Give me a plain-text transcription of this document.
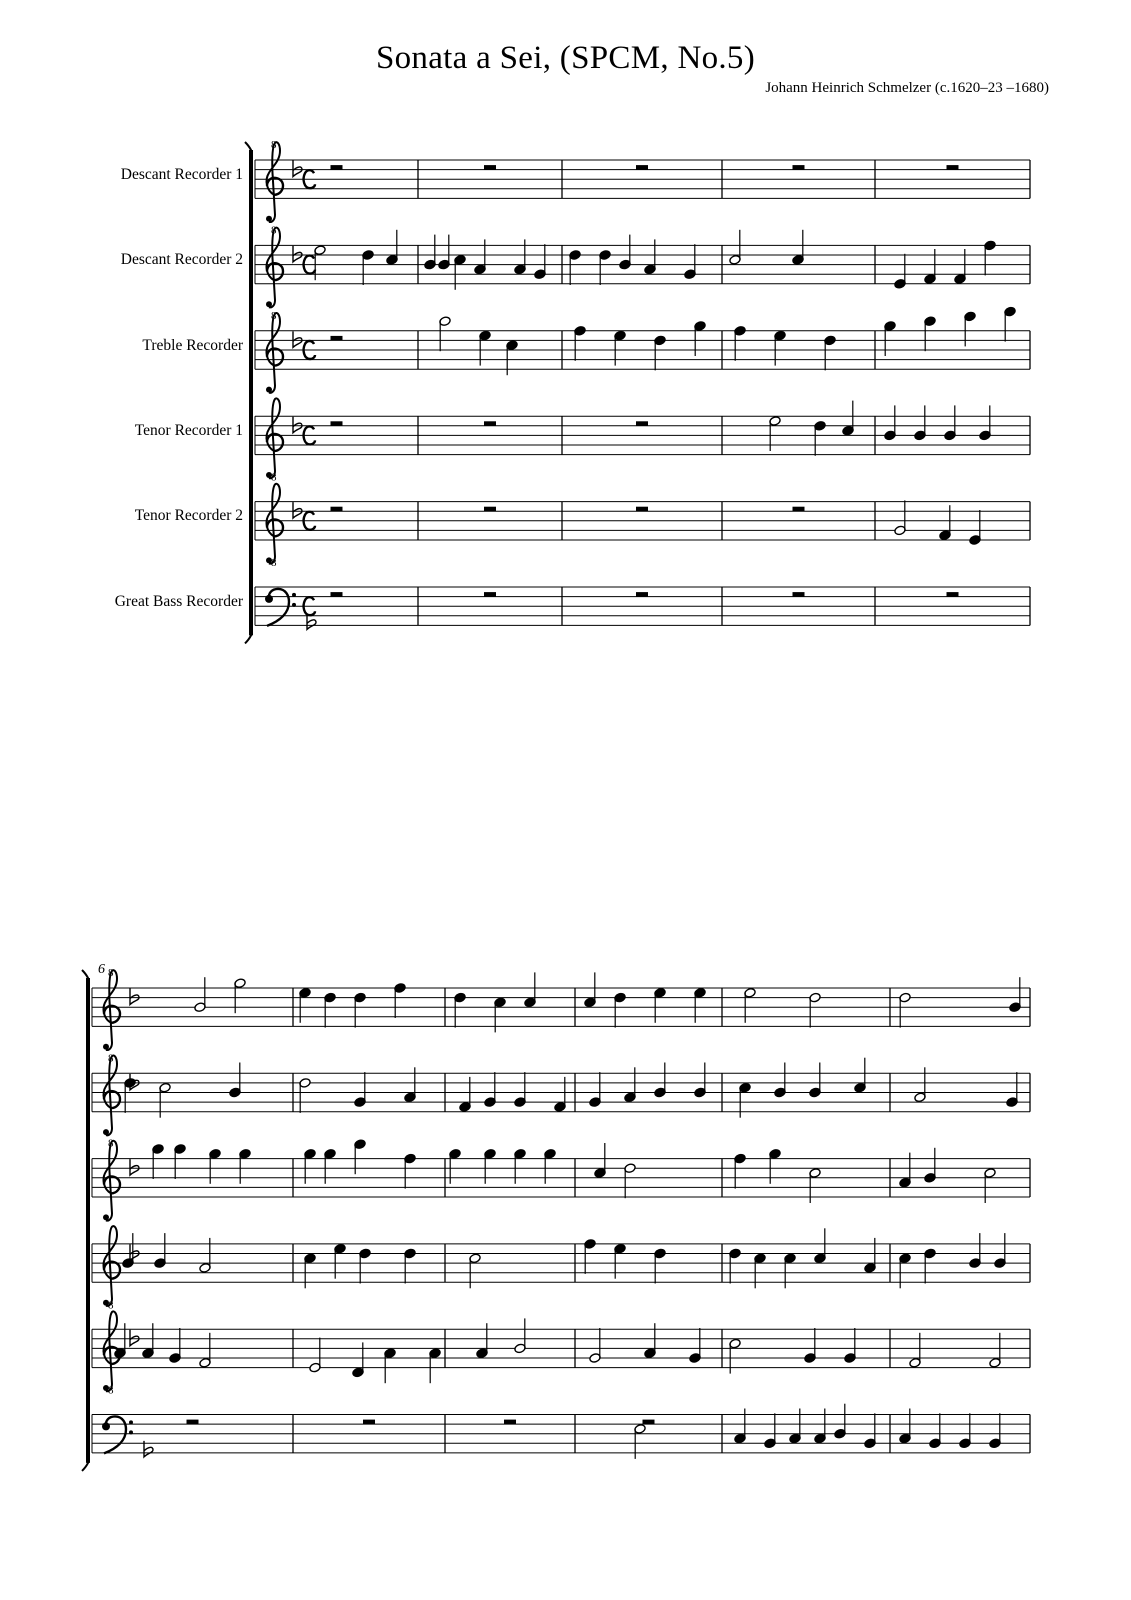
Sonata a Sei, (SPCM, No.5)
Johann Heinrich Schmelzer (c.1620–23 –1680)
Descant Recorder 1
Descant Recorder 2
Treble Recorder
Tenor Recorder 1
Tenor Recorder 2
Great Bass Recorder
6
8
8
8
8
8
8
8
8
8
8
